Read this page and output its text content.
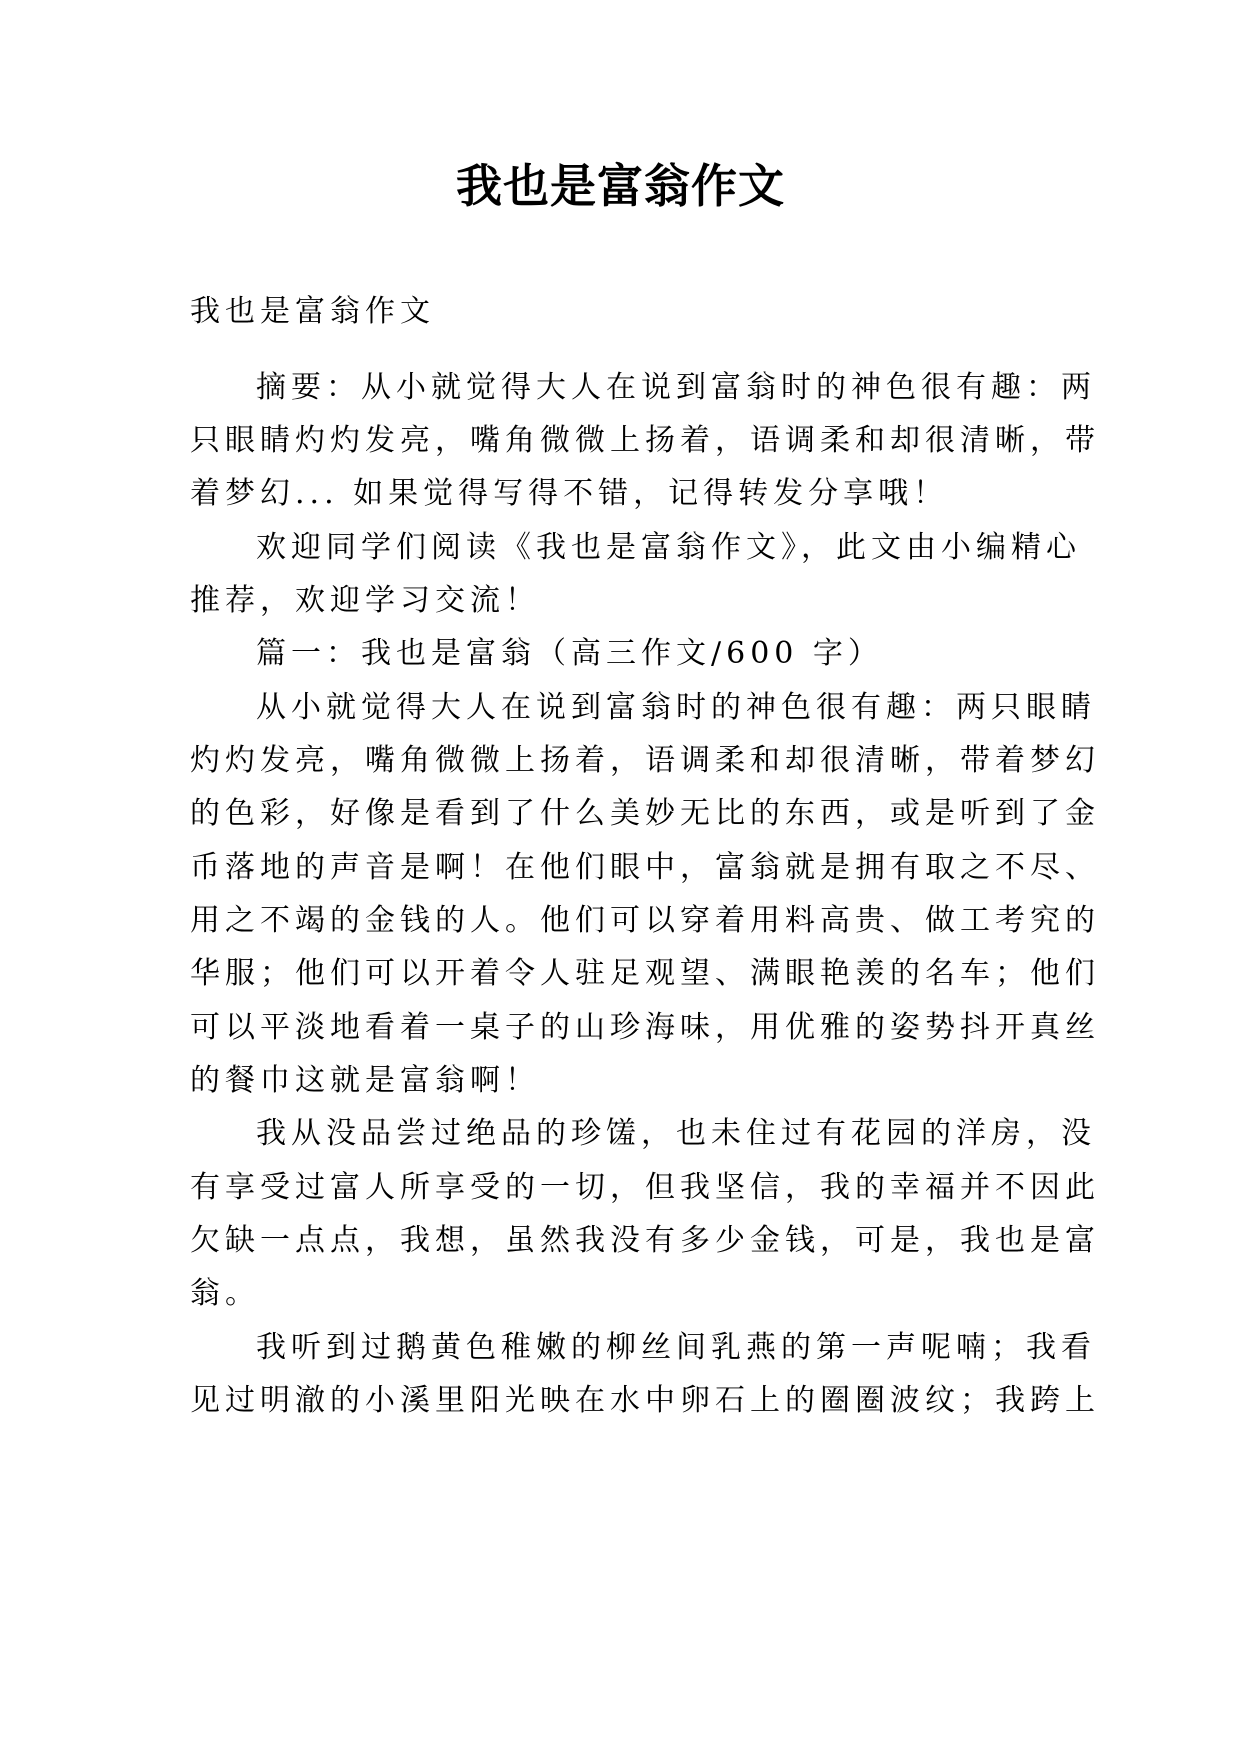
我也是富翁作文
我也是富翁作文
摘要：从小就觉得大人在说到富翁时的神色很有趣：两
只眼睛灼灼发亮，嘴角微微上扬着，语调柔和却很清晰，带
着梦幻... 如果觉得写得不错，记得转发分享哦！
欢迎同学们阅读《我也是富翁作文》，此文由小编精心
推荐，欢迎学习交流！
篇一：我也是富翁（高三作文/600 字）
从小就觉得大人在说到富翁时的神色很有趣：两只眼睛
灼灼发亮，嘴角微微上扬着，语调柔和却很清晰，带着梦幻
的色彩，好像是看到了什么美妙无比的东西，或是听到了金
币落地的声音是啊！在他们眼中，富翁就是拥有取之不尽、
用之不竭的金钱的人。他们可以穿着用料高贵、做工考究的
华服；他们可以开着令人驻足观望、满眼艳羡的名车；他们
可以平淡地看着一桌子的山珍海味，用优雅的姿势抖开真丝
的餐巾这就是富翁啊！
我从没品尝过绝品的珍馐，也未住过有花园的洋房，没
有享受过富人所享受的一切，但我坚信，我的幸福并不因此
欠缺一点点，我想，虽然我没有多少金钱，可是，我也是富
翁。
我听到过鹅黄色稚嫩的柳丝间乳燕的第一声呢喃；我看
见过明澈的小溪里阳光映在水中卵石上的圈圈波纹；我跨上
